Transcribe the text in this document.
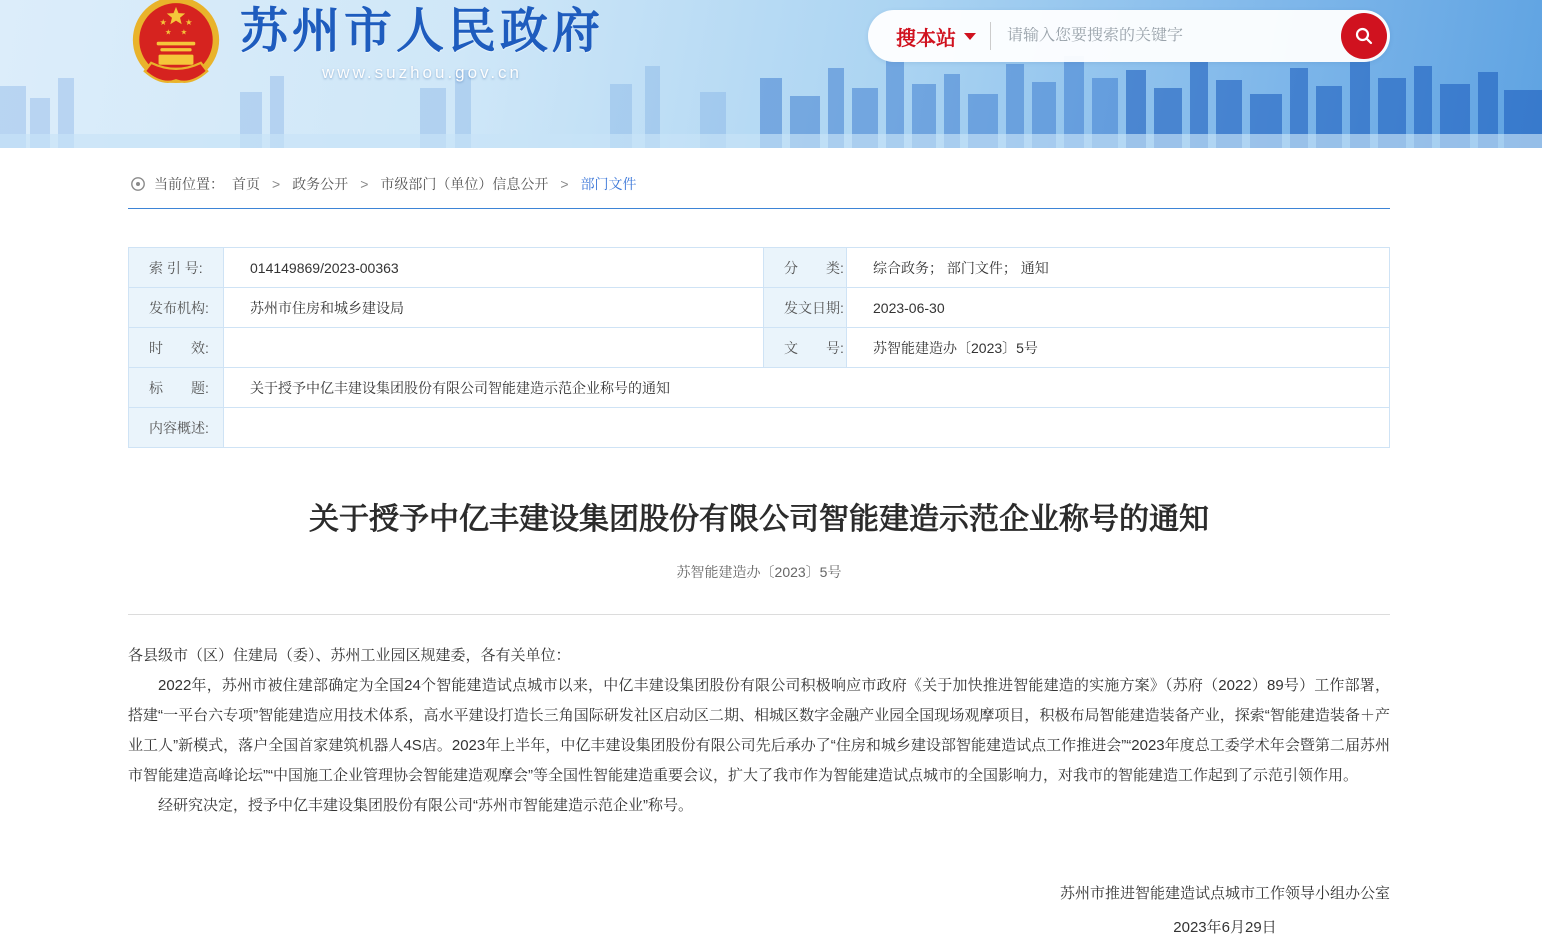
★ ★
★ ★ 苏州市人民政府
www.suzhou.gov.cn
搜本站
请输入您要搜索的关键字
当前位置： 首页 > 政务公开 > 市级部门（单位）信息公开 > 部门文件
索 引 号:	014149869/2023-00363	分　　类:	综合政务； 部门文件； 通知
发布机构:	苏州市住房和城乡建设局	发文日期:	2023-06-30
时　　效:		文　　号:	苏智能建造办〔2023〕5号
标　　题:	关于授予中亿丰建设集团股份有限公司智能建造示范企业称号的通知		
内容概述:			
关于授予中亿丰建设集团股份有限公司智能建造示范企业称号的通知
苏智能建造办〔2023〕5号

各县级市（区）住建局（委）、苏州工业园区规建委，各有关单位：

2022年，苏州市被住建部确定为全国24个智能建造试点城市以来，中亿丰建设集团股份有限公司积极响应市政府《关于加快推进智能建造的实施方案》（苏府（2022）89号）工作部署，搭建“一平台六专项”智能建造应用技术体系，高水平建设打造长三角国际研发社区启动区二期、相城区数字金融产业园全国现场观摩项目，积极布局智能建造装备产业，探索“智能建造装备＋产业工人”新模式，落户全国首家建筑机器人4S店。2023年上半年，中亿丰建设集团股份有限公司先后承办了“住房和城乡建设部智能建造试点工作推进会”“2023年度总工委学术年会暨第二届苏州市智能建造高峰论坛”“中国施工企业管理协会智能建造观摩会”等全国性智能建造重要会议，扩大了我市作为智能建造试点城市的全国影响力，对我市的智能建造工作起到了示范引领作用。

经研究决定，授予中亿丰建设集团股份有限公司“苏州市智能建造示范企业”称号。

苏州市推进智能建造试点城市工作领导小组办公室
2023年6月29日
